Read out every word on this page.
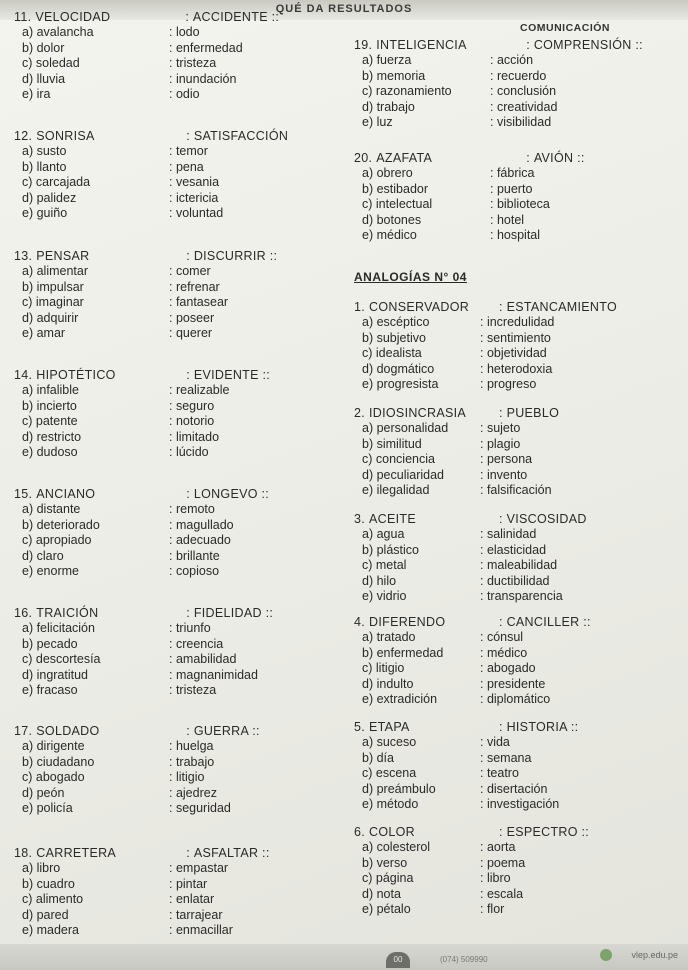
QUÉ DA RESULTADOS
11. VELOCIDAD	: ACCIDENTE ::
a) avalancha	: lodo
b) dolor	: enfermedad
c) soledad	: tristeza
d) lluvia	: inundación
e) ira	: odio
12. SONRISA	: SATISFACCIÓN
a) susto	: temor
b) llanto	: pena
c) carcajada	: vesania
d) palidez	: ictericia
e) guiño	: voluntad
13. PENSAR	: DISCURRIR ::
a) alimentar	: comer
b) impulsar	: refrenar
c) imaginar	: fantasear
d) adquirir	: poseer
e) amar	: querer
14. HIPOTÉTICO	: EVIDENTE ::
a) infalible	: realizable
b) incierto	: seguro
c) patente	: notorio
d) restricto	: limitado
e) dudoso	: lúcido
15. ANCIANO	: LONGEVO ::
a) distante	: remoto
b) deteriorado	: magullado
c) apropiado	: adecuado
d) claro	: brillante
e) enorme	: copioso
16. TRAICIÓN	: FIDELIDAD ::
a) felicitación	: triunfo
b) pecado	: creencia
c) descortesía	: amabilidad
d) ingratitud	: magnanimidad
e) fracaso	: tristeza
17. SOLDADO	: GUERRA ::
a) dirigente	: huelga
b) ciudadano	: trabajo
c) abogado	: litigio
d) peón	: ajedrez
e) policía	: seguridad
18. CARRETERA	: ASFALTAR ::
a) libro	: empastar
b) cuadro	: pintar
c) alimento	: enlatar
d) pared	: tarrajear
e) madera	: enmacillar
19. INTELIGENCIA	: COMPRENSIÓN ::
a) fuerza	: acción
b) memoria	: recuerdo
c) razonamiento	: conclusión
d) trabajo	: creatividad
e) luz	: visibilidad
20. AZAFATA	: AVIÓN ::
a) obrero	: fábrica
b) estibador	: puerto
c) intelectual	: biblioteca
d) botones	: hotel
e) médico	: hospital
COMUNICACIÓN
ANALOGÍAS N° 04
1. CONSERVADOR : ESTANCAMIENTO
a) escéptico	: incredulidad
b) subjetivo	: sentimiento
c) idealista	: objetividad
d) dogmático	: heterodoxia
e) progresista	: progreso
2. IDIOSINCRASIA	: PUEBLO
a) personalidad	: sujeto
b) similitud	: plagio
c) conciencia	: persona
d) peculiaridad	: invento
e) ilegalidad	: falsificación
3. ACEITE	: VISCOSIDAD
a) agua	: salinidad
b) plástico	: elasticidad
c) metal	: maleabilidad
d) hilo	: ductibilidad
e) vidrio	: transparencia
4. DIFERENDO	: CANCILLER ::
a) tratado	: cónsul
b) enfermedad	: médico
c) litigio	: abogado
d) indulto	: presidente
e) extradición	: diplomático
5. ETAPA	: HISTORIA ::
a) suceso	: vida
b) día	: semana
c) escena	: teatro
d) preámbulo	: disertación
e) método	: investigación
6. COLOR	: ESPECTRO ::
a) colesterol	: aorta
b) verso	: poema
c) página	: libro
d) nota	: escala
e) pétalo	: flor
00	(074) 509990	vlep.edu.pe
